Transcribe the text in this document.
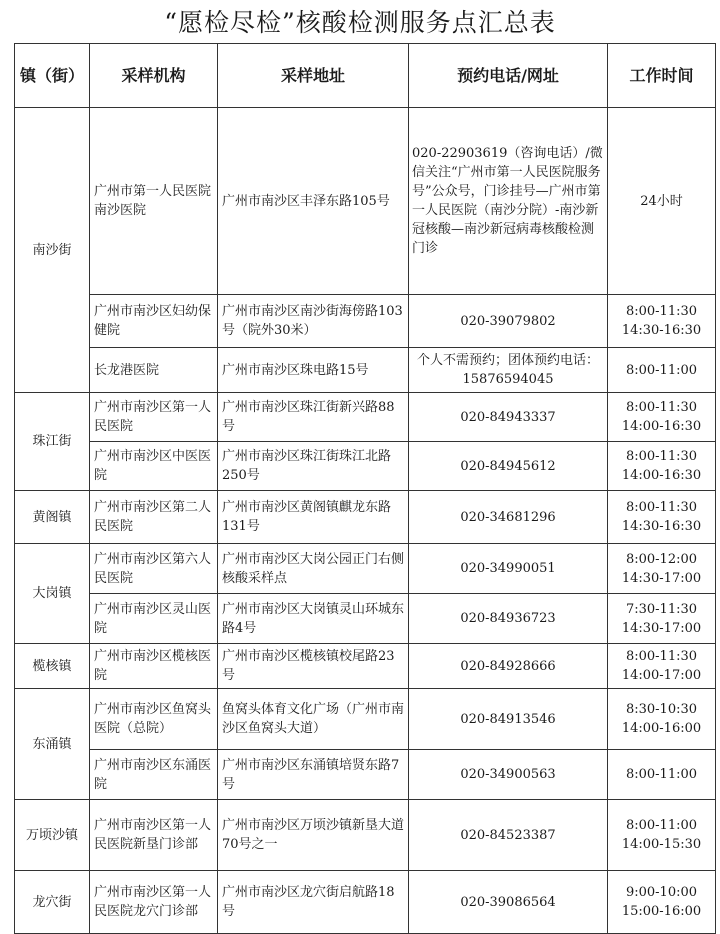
“愿检尽检”核酸检测服务点汇总表
镇（街）	采样机构	采样地址	预约电话/网址	工作时间
南沙街	广州市第一人民医院南沙医院	广州市南沙区丰泽东路105号	020-22903619（咨询电话）/微信关注“广州市第一人民医院服务号”公众号，门诊挂号—广州市第一人民医院（南沙分院）-南沙新冠核酸—南沙新冠病毒核酸检测门诊	24小时

	广州市南沙区妇幼保健院	广州市南沙区南沙街海傍路103号（院外30米）	020-39079802	8:00-11:30
14:30-16:30

	长龙港医院	广州市南沙区珠电路15号	个人不需预约；团体预约电话：15876594045	8:00-11:00

珠江街	广州市南沙区第一人民医院	广州市南沙区珠江街新兴路88号	020-84943337	8:00-11:30
14:00-16:30

	广州市南沙区中医医院	广州市南沙区珠江街珠江北路250号	020-84945612	8:00-11:30
14:00-16:30

黄阁镇	广州市南沙区第二人民医院	广州市南沙区黄阁镇麒龙东路131号	020-34681296	8:00-11:30
14:30-16:30

大岗镇	广州市南沙区第六人民医院	广州市南沙区大岗公园正门右侧核酸采样点	020-34990051	8:00-12:00
14:30-17:00

	广州市南沙区灵山医院	广州市南沙区大岗镇灵山环城东路4号	020-84936723	7:30-11:30
14:30-17:00

榄核镇	广州市南沙区榄核医院	广州市南沙区榄核镇校尾路23号	020-84928666	8:00-11:30
14:00-17:00

东涌镇	广州市南沙区鱼窝头医院（总院）	鱼窝头体育文化广场（广州市南沙区鱼窝头大道）	020-84913546	8:30-10:30
14:00-16:00

	广州市南沙区东涌医院	广州市南沙区东涌镇培贤东路7号	020-34900563	8:00-11:00

万顷沙镇	广州市南沙区第一人民医院新垦门诊部	广州市南沙区万顷沙镇新垦大道70号之一	020-84523387	8:00-11:00
14:00-15:30

龙穴街	广州市南沙区第一人民医院龙穴门诊部	广州市南沙区龙穴街启航路18号	020-39086564	9:00-10:00
15:00-16:00
